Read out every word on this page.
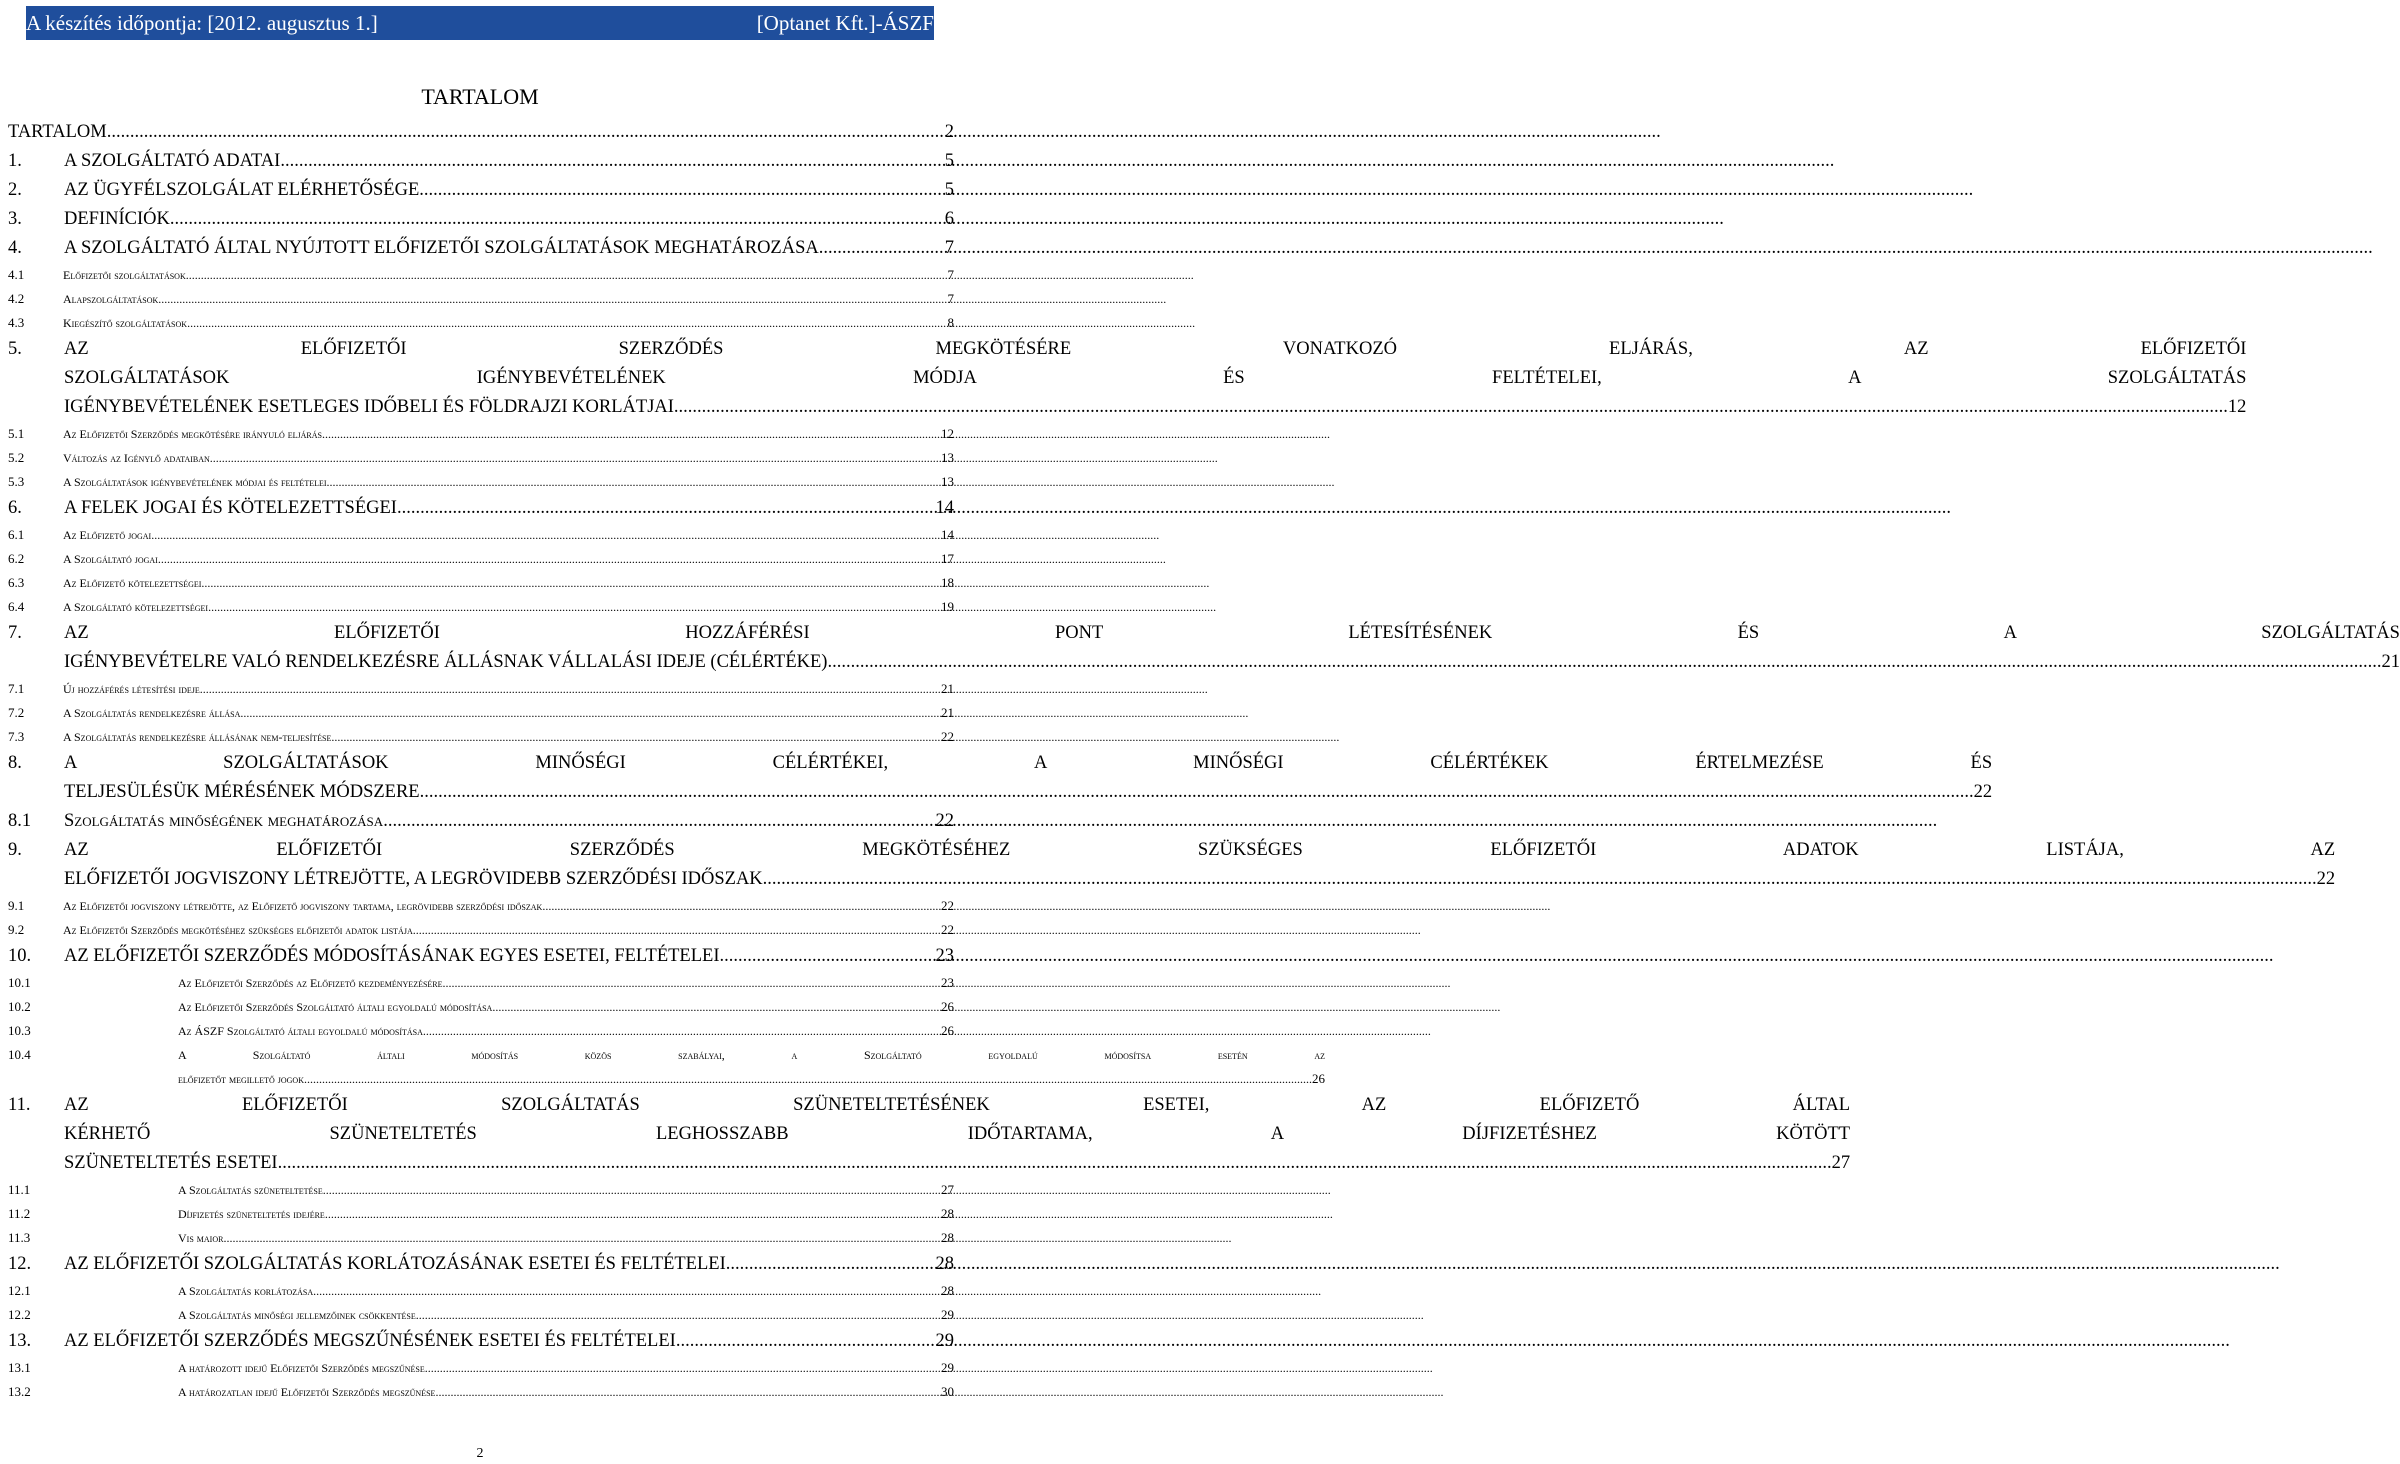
A készítés időpontja: [2012. augusztus 1.]	[Optanet Kft.]-ÁSZF
TARTALOM
TARTALOM .....	2
1.	A SZOLGÁLTATÓ ADATAI .....	5
2.	AZ ÜGYFÉLSZOLGÁLAT ELÉRHETŐSÉGE .....	5
3.	DEFINÍCIÓK .....	6
4.	A SZOLGÁLTATÓ ÁLTAL NYÚJTOTT ELŐFIZETŐI SZOLGÁLTATÁSOK MEGHATÁROZÁSA .....	7
4.1	Előfizetői szolgáltatások .....	7
4.2	Alapszolgáltatások .....	7
4.3	Kiegészítő szolgáltatások .....	8
5.	AZ ELŐFIZETŐI SZERZŐDÉS MEGKÖTÉSÉRE VONATKOZÓ ELJÁRÁS, AZ ELŐFIZETŐI
SZOLGÁLTATÁSOK IGÉNYBEVÉTELÉNEK MÓDJA ÉS FELTÉTELEI, A SZOLGÁLTATÁS
IGÉNYBEVÉTELÉNEK ESETLEGES IDŐBELI ÉS FÖLDRAJZI KORLÁTJAI .....	12
5.1	Az Előfizetői Szerződés megkötésére irányuló eljárás .....	12
5.2	Változás az Igénylő adataiban .....	13
5.3	A Szolgáltatások igénybevételének módjai és feltételei .....	13
6.	A FELEK JOGAI ÉS KÖTELEZETTSÉGEI .....	14
6.1	Az Előfizető jogai .....	14
6.2	A Szolgáltató jogai .....	17
6.3	Az Előfizető kötelezettségei .....	18
6.4	A Szolgáltató kötelezettségei .....	19
7.	AZ ELŐFIZETŐI HOZZÁFÉRÉSI PONT LÉTESÍTÉSÉNEK ÉS A SZOLGÁLTATÁS
IGÉNYBEVÉTELRE VALÓ RENDELKEZÉSRE ÁLLÁSNAK VÁLLALÁSI IDEJE (CÉLÉRTÉKE) .....	21
7.1	Új hozzáférés létesítési ideje .....	21
7.2	A Szolgáltatás rendelkezésre állása .....	21
7.3	A Szolgáltatás rendelkezésre állásának nem-teljesítése .....	22
8.	A SZOLGÁLTATÁSOK MINŐSÉGI CÉLÉRTÉKEI, A MINŐSÉGI CÉLÉRTÉKEK ÉRTELMEZÉSE ÉS
TELJESÜLÉSÜK MÉRÉSÉNEK MÓDSZERE .....	22
8.1	Szolgáltatás minőségének meghatározása .....	22
9.	AZ ELŐFIZETŐI SZERZŐDÉS MEGKÖTÉSÉHEZ SZÜKSÉGES ELŐFIZETŐI ADATOK LISTÁJA, AZ
ELŐFIZETŐI JOGVISZONY LÉTREJÖTTE, A LEGRÖVIDEBB SZERZŐDÉSI IDŐSZAK .....	22
9.1	Az Előfizetői jogviszony létrejötte, az Előfizető jogviszony tartama, legrövidebb szerződési időszak .....	22
9.2	Az Előfizetői Szerződés megkötéséhez szükséges előfizetői adatok listája .....	22
10.	AZ ELŐFIZETŐI SZERZŐDÉS MÓDOSÍTÁSÁNAK EGYES ESETEI, FELTÉTELEI .....	23
10.1	Az Előfizetői Szerződés az Előfizető kezdeményezésére .....	23
10.2	Az Előfizetői Szerződés Szolgáltató általi egyoldalú módosítása .....	26
10.3	Az ÁSZF Szolgáltató általi egyoldalú módosítása .....	26
10.4	A Szolgáltató általi módosítás közös szabályai, a Szolgáltató egyoldalú módosítsa esetén az
előfizetőt megillető jogok .....	26
11.	AZ ELŐFIZETŐI SZOLGÁLTATÁS SZÜNETELTETÉSÉNEK ESETEI, AZ ELŐFIZETŐ ÁLTAL
KÉRHETŐ SZÜNETELTETÉS LEGHOSSZABB IDŐTARTAMA, A DÍJFIZETÉSHEZ KÖTÖTT
SZÜNETELTETÉS ESETEI .....	27
11.1	A Szolgáltatás szüneteltetése .....	27
11.2	Díjfizetés szüneteltetés idejére .....	28
11.3	Vis maior .....	28
12.	AZ ELŐFIZETŐI SZOLGÁLTATÁS KORLÁTOZÁSÁNAK ESETEI ÉS FELTÉTELEI .....	28
12.1	A Szolgáltatás korlátozása .....	28
12.2	A Szolgáltatás minőségi jellemzőinek csökkentése .....	29
13.	AZ ELŐFIZETŐI SZERZŐDÉS MEGSZŰNÉSÉNEK ESETEI ÉS FELTÉTELEI .....	29
13.1	A határozott idejű Előfizetői Szerződés megszűnése .....	29
13.2	A határozatlan idejű Előfizetői Szerződés megszűnése .....	30
2
